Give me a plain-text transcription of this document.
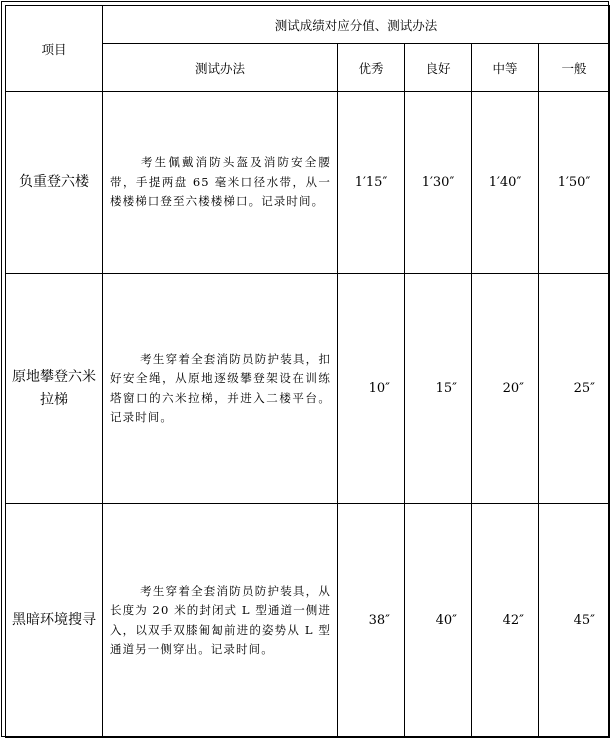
项目	测试成绩对应分值、测试办法				
	测试办法	优秀	良好	中等	一般
负重登六楼	考生佩戴消防头盔及消防安全腰带，手提两盘 65 毫米口径水带，从一楼楼梯口登至六楼楼梯口。记录时间。	1′15″	1′30″	1′40″	1′50″
原地攀登六米拉梯	考生穿着全套消防员防护装具，扣好安全绳，从原地逐级攀登架设在训练塔窗口的六米拉梯，并进入二楼平台。记录时间。	10″	15″	20″	25″
黑暗环境搜寻	考生穿着全套消防员防护装具，从长度为 20 米的封闭式 L 型通道一侧进入，以双手双膝匍匐前进的姿势从 L 型通道另一侧穿出。记录时间。	38″	40″	42″	45″
